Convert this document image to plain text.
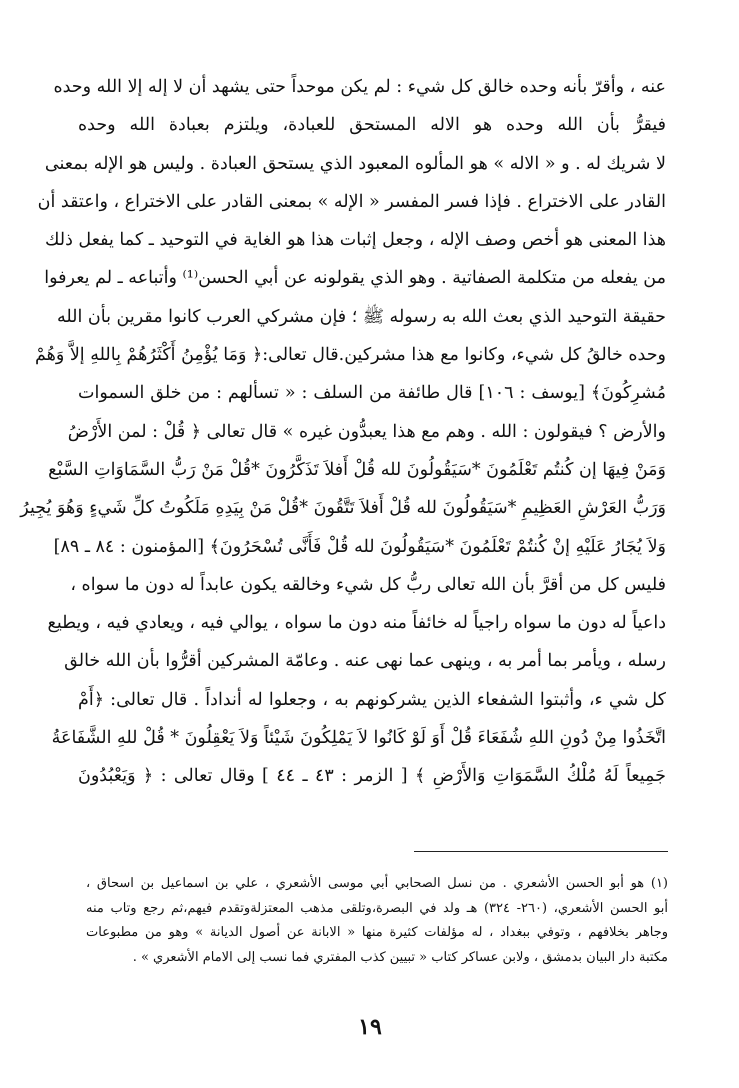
عنه ، وأقرّ بأنه وحده خالق كل شيء : لم يكن موحداً حتى يشهد أن لا إله إلا الله وحده
فيقرُّ بأن الله وحده هو الاله المستحق للعبادة، ويلتزم بعبادة الله وحده
لا شريك له . و « الاله » هو المألوه المعبود الذي يستحق العبادة . وليس هو الإله بمعنى
القادر على الاختراع . فإذا فسر المفسر « الإله » بمعنى القادر على الاختراع ، واعتقد أن
هذا المعنى هو أخص وصف الإله ، وجعل إثبات هذا هو الغاية في التوحيد ـ كما يفعل ذلك
من يفعله من متكلمة الصفاتية . وهو الذي يقولونه عن أبي الحسن⁽¹⁾ وأتباعه ـ لم يعرفوا
حقيقة التوحيد الذي بعث الله به رسوله ﷺ ؛ فإن مشركي العرب كانوا مقرين بأن الله
وحده خالقُ كل شيء، وكانوا مع هذا مشركين.قال تعالى:﴿ وَمَا يُؤْمِنُ أَكْثَرُهُمْ بِاللهِ إلاَّ وَهُمْ
مُشرِكُونَ﴾ [يوسف : ١٠٦] قال طائفة من السلف : « تسألهم : من خلق السموات
والأرض ؟ فيقولون : الله . وهم مع هذا يعبدُّون غيره » قال تعالى ﴿ قُلْ : لمن الأَرْضُ
وَمَنْ فِيهَا إن كُنتُم تَعْلَمُونَ *سَيَقُولُونَ لله قُلْ أَفلاَ تَذَكَّرُونَ *قُلْ مَنْ رَبُّ السَّمَاوَاتِ السَّبْع
وَرَبُّ العَرْشِ العَظِيمِ *سَيَقُولُونَ لله قُلْ أَفلاَ تَتَّقُونَ *قُلْ مَنْ بِيَدِهِ مَلَكُوتُ كلِّ شَيءٍ وَهُوَ يُجِيرُ
وَلاَ يُجَارُ عَلَيْهِ إنْ كُنتُمْ تَعْلَمُونَ *سَيَقُولُونَ لله قُلْ فَأَنَّى تُسْحَرُونَ﴾ [المؤمنون : ٨٤ ـ ٨٩]
فليس كل من أقرَّ بأن الله تعالى ربُّ كل شيء وخالقه يكون عابداً له دون ما سواه ،
داعياً له دون ما سواه راجياً له خائفاً منه دون ما سواه ، يوالي فيه ، ويعادي فيه ، ويطيع
رسله ، ويأمر بما أمر به ، وينهى عما نهى عنه . وعامّة المشركين أقرُّوا بأن الله خالق
كل شي ء، وأثبتوا الشفعاء الذين يشركونهم به ، وجعلوا له أنداداً . قال تعالى: ﴿أَمْ
اتَّخَذُوا مِنْ دُونِ اللهِ شُفَعَاءَ قُلْ أَوَ لَوْ كَانُوا لاَ يَمْلِكُونَ شَيْئاً وَلاَ يَعْقِلُونَ * قُلْ للهِ الشَّفَاعَةُ
جَمِيعاً لَهُ مُلْكُ السَّمَوَاتِ وَالأَرْضِ ﴾ [ الزمر : ٤٣ ـ ٤٤ ] وقال تعالى : ﴿ وَيَعْبُدُونَ
(١) هو أبو الحسن الأشعري . من نسل الصحابي أبي موسى الأشعري ، علي بن اسماعيل بن اسحاق ،
أبو الحسن الأشعري، (٢٦٠- ٣٢٤) هـ ولد في البصرة،وتلقى مذهب المعتزلةوتقدم فيهم،ثم رجع وتاب منه
وجاهر بخلافهم ، وتوفي ببغداد ، له مؤلفات كثيرة منها « الابانة عن أصول الديانة » وهو من مطبوعات
مكتبة دار البيان بدمشق ، ولابن عساكر كتاب « تبيين كذب المفتري فما نسب إلى الامام الأشعري » .
١٩
